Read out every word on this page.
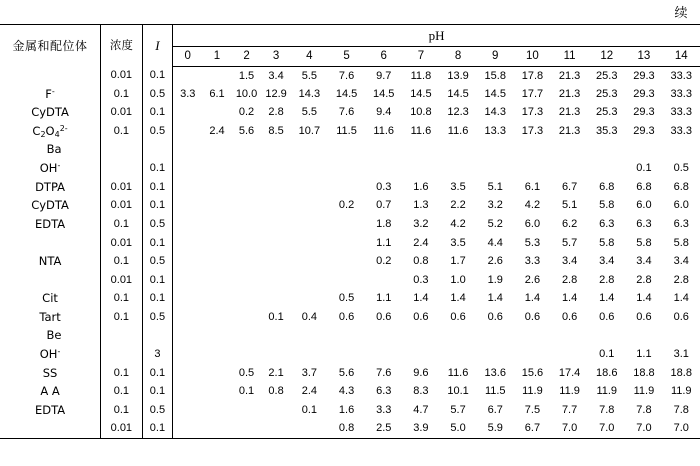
续
金属和配位体	浓度	I	pH														
			0	1	2	3	4	5	6	7	8	9	10	11	12	13	14
	0.01	0.1			1.5	3.4	5.5	7.6	9.7	11.8	13.9	15.8	17.8	21.3	25.3	29.3	33.3
F-	0.1	0.5	3.3	6.1	10.0	12.9	14.3	14.5	14.5	14.5	14.5	14.5	17.7	21.3	25.3	29.3	33.3
CyDTA	0.01	0.1			0.2	2.8	5.5	7.6	9.4	10.8	12.3	14.3	17.3	21.3	25.3	29.3	33.3
$C_2O_4^{2-}$	0.1	0.5		2.4	5.6	8.5	10.7	11.5	11.6	11.6	11.6	13.3	17.3	21.3	35.3	29.3	33.3
Ba																	
OH-		0.1														0.1	0.5
DTPA	0.01	0.1							0.3	1.6	3.5	5.1	6.1	6.7	6.8	6.8	6.8
CyDTA	0.01	0.1						0.2	0.7	1.3	2.2	3.2	4.2	5.1	5.8	6.0	6.0
EDTA	0.1	0.5							1.8	3.2	4.2	5.2	6.0	6.2	6.3	6.3	6.3
	0.01	0.1							1.1	2.4	3.5	4.4	5.3	5.7	5.8	5.8	5.8
NTA	0.1	0.5							0.2	0.8	1.7	2.6	3.3	3.4	3.4	3.4	3.4
	0.01	0.1								0.3	1.0	1.9	2.6	2.8	2.8	2.8	2.8
Cit	0.1	0.1						0.5	1.1	1.4	1.4	1.4	1.4	1.4	1.4	1.4	1.4
Tart	0.1	0.5				0.1	0.4	0.6	0.6	0.6	0.6	0.6	0.6	0.6	0.6	0.6	0.6
Be																	
OH-		3													0.1	1.1	3.1
SS	0.1	0.1			0.5	2.1	3.7	5.6	7.6	9.6	11.6	13.6	15.6	17.4	18.6	18.8	18.8
A A	0.1	0.1			0.1	0.8	2.4	4.3	6.3	8.3	10.1	11.5	11.9	11.9	11.9	11.9	11.9
EDTA	0.1	0.5					0.1	1.6	3.3	4.7	5.7	6.7	7.5	7.7	7.8	7.8	7.8
	0.01	0.1						0.8	2.5	3.9	5.0	5.9	6.7	7.0	7.0	7.0	7.0
